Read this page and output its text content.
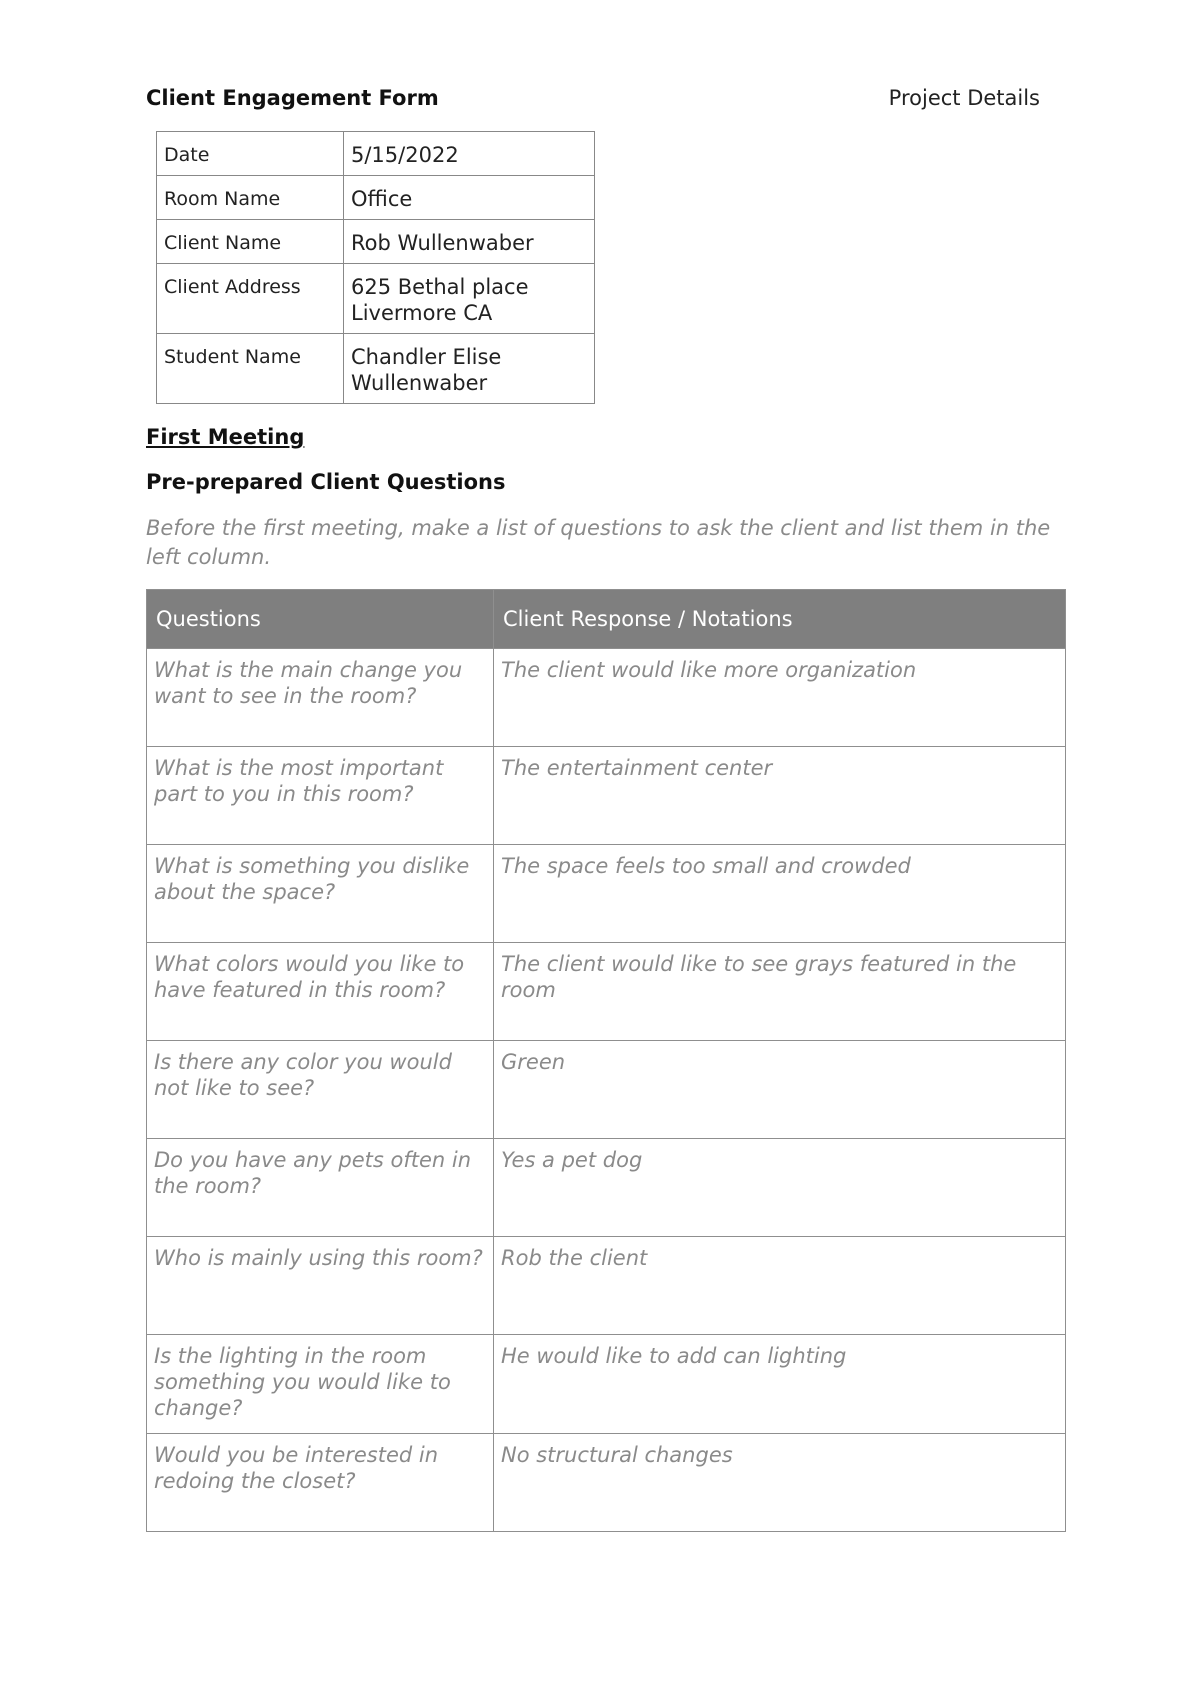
Client Engagement Form	Project Details
Date	5/15/2022
Room Name	Office
Client Name	Rob Wullenwaber
Client Address	625 Bethal place Livermore CA
Student Name	Chandler Elise Wullenwaber
First Meeting
Pre-prepared Client Questions
Before the first meeting, make a list of questions to ask the client and list them in the left column.
Questions	Client Response / Notations
What is the main change you want to see in the room?	The client would like more organization
What is the most important part to you in this room?	The entertainment center
What is something you dislike about the space?	The space feels too small and crowded
What colors would you like to have featured in this room?	The client would like to see grays featured in the room
Is there any color you would not like to see?	Green
Do you have any pets often in the room?	Yes a pet dog
Who is mainly using this room?	Rob the client
Is the lighting in the room something you would like to change?	He would like to add can lighting
Would you be interested in redoing the closet?	No structural changes
